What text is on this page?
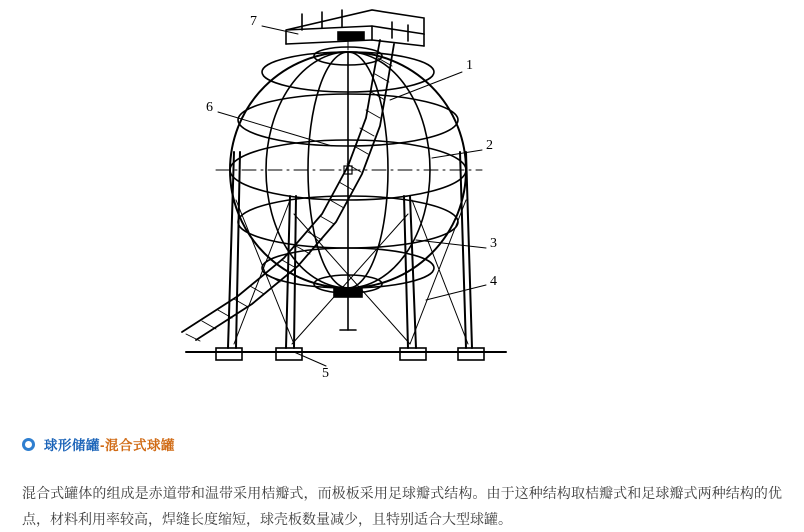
1
2
3
4
5
6
7
球形储罐 -混合式球罐

混合式罐体的组成是赤道带和温带采用桔瓣式，而极板采用足球瓣式结构。由于这种结构取桔瓣式和足球瓣式两种结构的优点，材料利用率较高，焊缝长度缩短，球壳板数量减少，且特别适合大型球罐。
